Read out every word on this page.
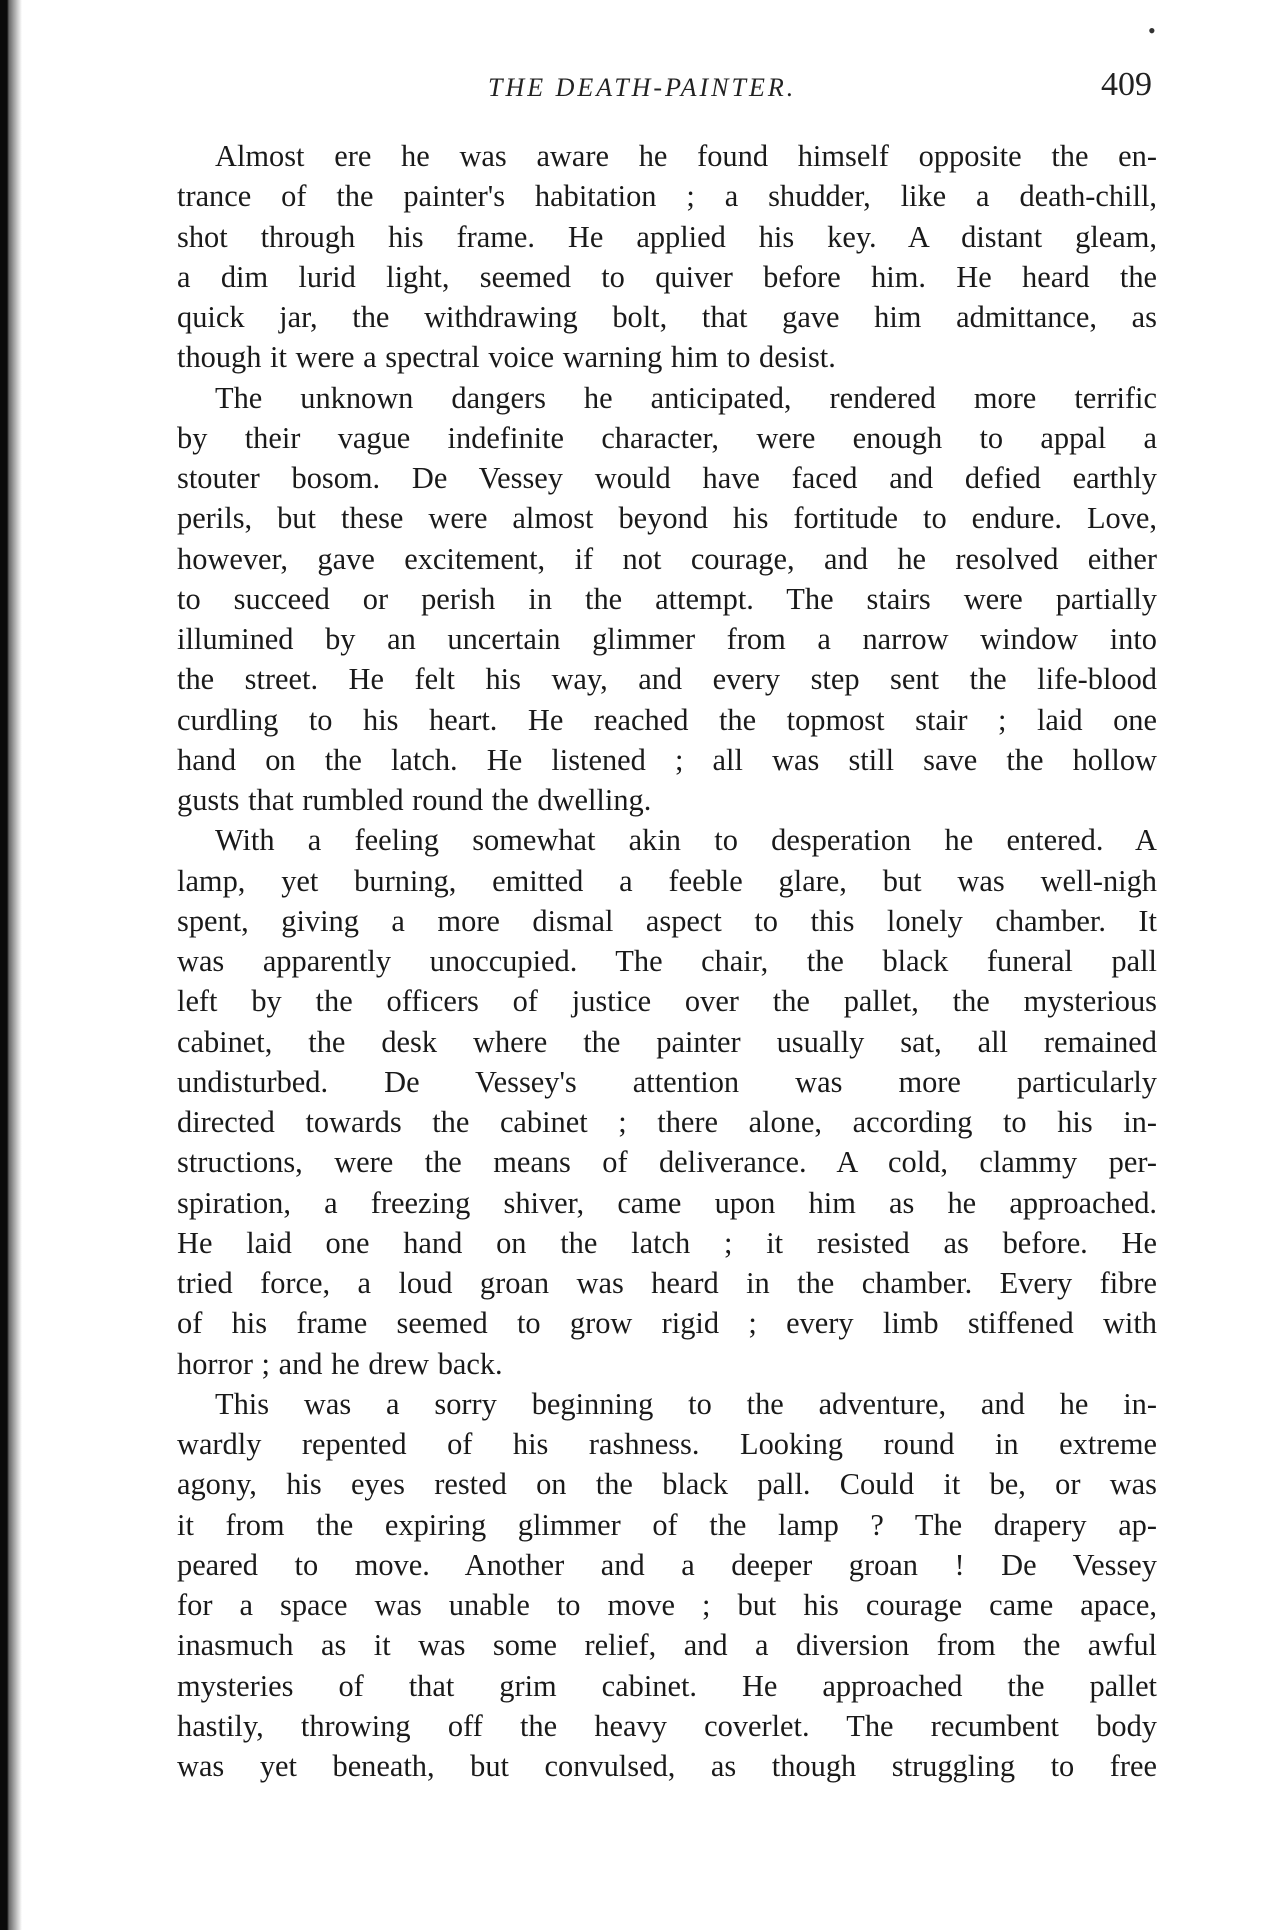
•
THE DEATH-PAINTER.	409

Almost ere he was aware he found himself opposite the en-
trance of the painter's habitation ; a shudder, like a death-chill,
shot through his frame. He applied his key. A distant gleam,
a dim lurid light, seemed to quiver before him. He heard the
quick jar, the withdrawing bolt, that gave him admittance, as
though it were a spectral voice warning him to desist.

The unknown dangers he anticipated, rendered more terrific
by their vague indefinite character, were enough to appal a
stouter bosom. De Vessey would have faced and defied earthly
perils, but these were almost beyond his fortitude to endure. Love,
however, gave excitement, if not courage, and he resolved either
to succeed or perish in the attempt. The stairs were partially
illumined by an uncertain glimmer from a narrow window into
the street. He felt his way, and every step sent the life-blood
curdling to his heart. He reached the topmost stair ; laid one
hand on the latch. He listened ; all was still save the hollow
gusts that rumbled round the dwelling.

With a feeling somewhat akin to desperation he entered. A
lamp, yet burning, emitted a feeble glare, but was well-nigh
spent, giving a more dismal aspect to this lonely chamber. It
was apparently unoccupied. The chair, the black funeral pall
left by the officers of justice over the pallet, the mysterious
cabinet, the desk where the painter usually sat, all remained
undisturbed. De Vessey's attention was more particularly
directed towards the cabinet ; there alone, according to his in-
structions, were the means of deliverance. A cold, clammy per-
spiration, a freezing shiver, came upon him as he approached.
He laid one hand on the latch ; it resisted as before. He
tried force, a loud groan was heard in the chamber. Every fibre
of his frame seemed to grow rigid ; every limb stiffened with
horror ; and he drew back.

This was a sorry beginning to the adventure, and he in-
wardly repented of his rashness. Looking round in extreme
agony, his eyes rested on the black pall. Could it be, or was
it from the expiring glimmer of the lamp ? The drapery ap-
peared to move. Another and a deeper groan ! De Vessey
for a space was unable to move ; but his courage came apace,
inasmuch as it was some relief, and a diversion from the awful
mysteries of that grim cabinet. He approached the pallet
hastily, throwing off the heavy coverlet. The recumbent body
was yet beneath, but convulsed, as though struggling to free
